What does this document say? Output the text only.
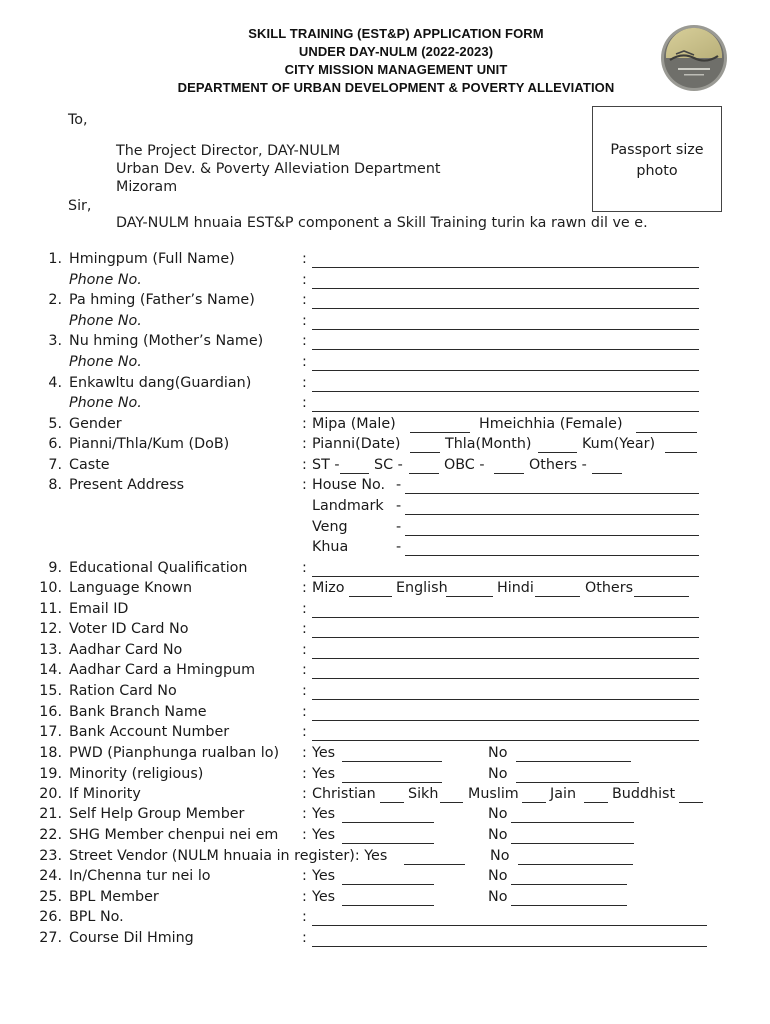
SKILL TRAINING (EST&P) APPLICATION FORM
UNDER DAY-NULM (2022-2023)
CITY MISSION MANAGEMENT UNIT
DEPARTMENT OF URBAN DEVELOPMENT & POVERTY ALLEVIATION
To,
The Project Director, DAY-NULM
Urban Dev. & Poverty Alleviation Department
Mizoram
Sir,
DAY-NULM hnuaia EST&P component a Skill Training turin ka rawn dil ve e.
Passport size
photo
1. Hmingpum (Full Name)	:
Phone No.	:
2. Pa hming (Father’s Name)	:
Phone No.	:
3. Nu hming (Mother’s Name)	:
Phone No.	:
4. Enkawltu dang(Guardian)	:
Phone No.	:
5. Gender	: Mipa (Male)	Hmeichhia (Female)
6. Pianni/Thla/Kum (DoB)	: Pianni(Date)	Thla(Month)	Kum(Year)
7. Caste	: ST - SC -	OBC -	Others -
8. Present Address	: House No. -
Landmark -
Veng	-
Khua	-
9. Educational Qualification	:
10. Language Known	: Mizo	English	Hindi	Others
11. Email ID	:
12. Voter ID Card No	:
13. Aadhar Card No	:
14. Aadhar Card a Hmingpum	:
15. Ration Card No	:
16. Bank Branch Name	:
17. Bank Account Number	:
18. PWD (Pianphunga rualban lo) : Yes	No
19. Minority (religious)	: Yes	No
20. If Minority	: Christian Sikh Muslim Jain	Buddhist
21. Self Help Group Member	: Yes	No
22. SHG Member chenpui nei em : Yes	No
23. Street Vendor (NULM hnuaia in register): Yes	No
24. In/Chenna tur nei lo	: Yes	No
25. BPL Member	: Yes	No
26. BPL No.	:
27. Course Dil Hming	:
